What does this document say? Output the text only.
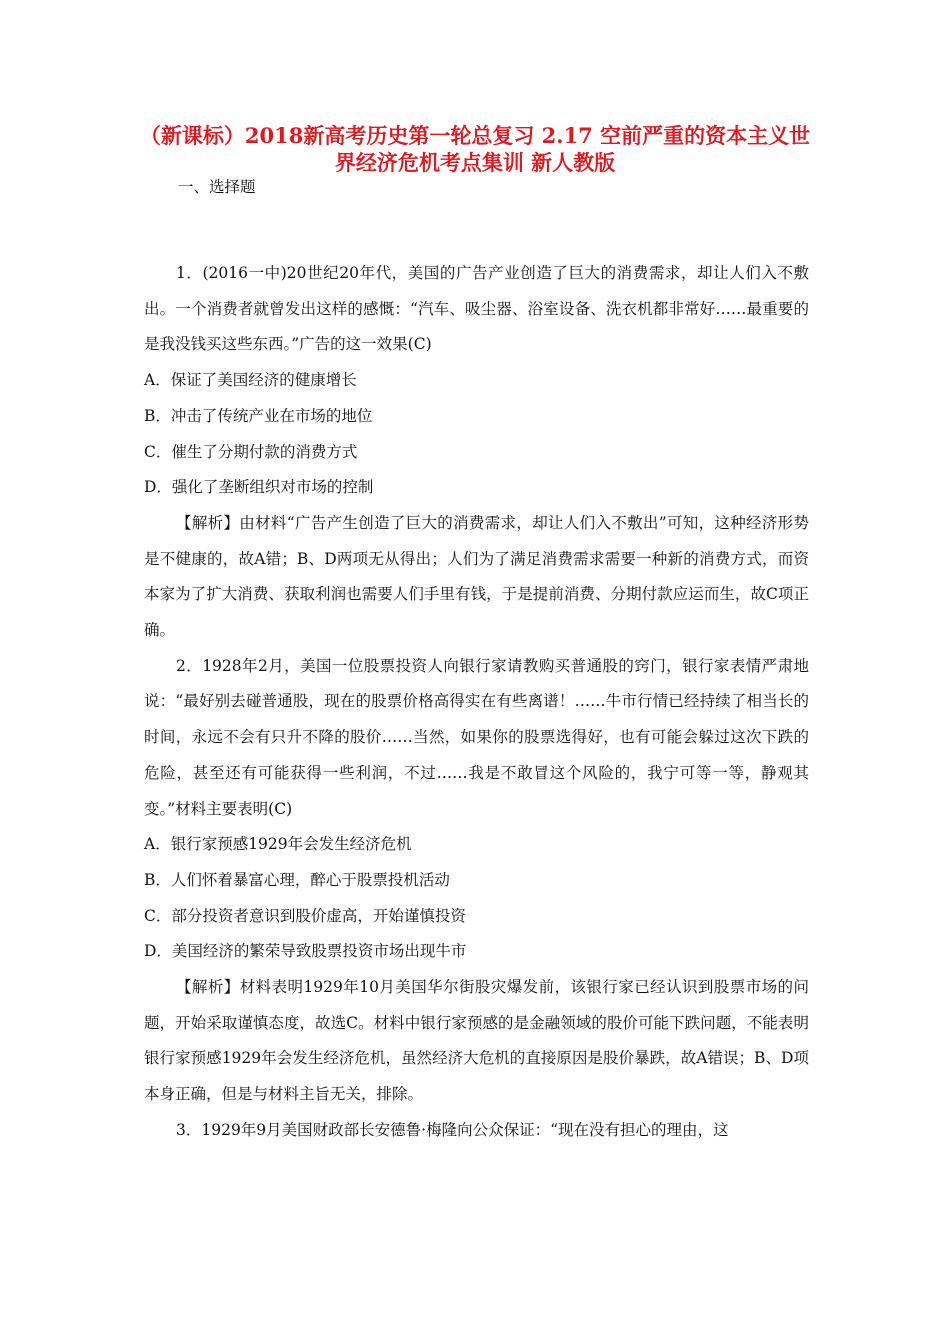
（新课标）2018新高考历史第一轮总复习 2.17 空前严重的资本主义世界经济危机考点集训 新人教版
一、选择题

1．(2016一中)20世纪20年代，美国的广告产业创造了巨大的消费需求，却让人们入不敷出。一个消费者就曾发出这样的感慨：“汽车、吸尘器、浴室设备、洗衣机都非常好……最重要的是我没钱买这些东西。”广告的这一效果(C)

A．保证了美国经济的健康增长

B．冲击了传统产业在市场的地位

C．催生了分期付款的消费方式

D．强化了垄断组织对市场的控制

【解析】由材料“广告产生创造了巨大的消费需求，却让人们入不敷出”可知，这种经济形势是不健康的，故A错；B、D两项无从得出；人们为了满足消费需求需要一种新的消费方式，而资本家为了扩大消费、获取利润也需要人们手里有钱，于是提前消费、分期付款应运而生，故C项正确。

2．1928年2月，美国一位股票投资人向银行家请教购买普通股的窍门，银行家表情严肃地说：“最好别去碰普通股，现在的股票价格高得实在有些离谱！……牛市行情已经持续了相当长的时间，永远不会有只升不降的股价……当然，如果你的股票选得好，也有可能会躲过这次下跌的危险，甚至还有可能获得一些利润，不过……我是不敢冒这个风险的，我宁可等一等，静观其变。”材料主要表明(C)

A．银行家预感1929年会发生经济危机

B．人们怀着暴富心理，醉心于股票投机活动

C．部分投资者意识到股价虚高，开始谨慎投资

D．美国经济的繁荣导致股票投资市场出现牛市

【解析】材料表明1929年10月美国华尔街股灾爆发前，该银行家已经认识到股票市场的问题，开始采取谨慎态度，故选C。材料中银行家预感的是金融领域的股价可能下跌问题，不能表明银行家预感1929年会发生经济危机，虽然经济大危机的直接原因是股价暴跌，故A错误；B、D项本身正确，但是与材料主旨无关，排除。

3．1929年9月美国财政部长安德鲁·梅隆向公众保证：“现在没有担心的理由，这
